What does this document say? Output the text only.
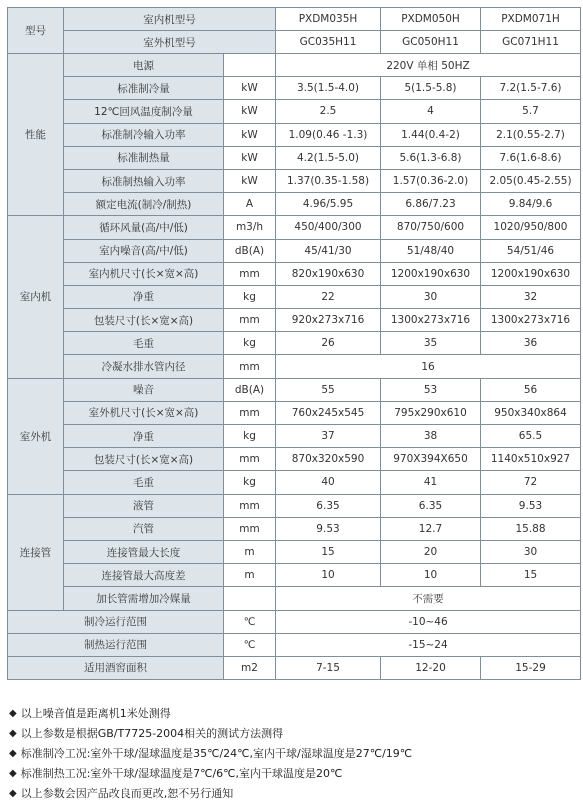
型号	室内机型号		PXDM035H	PXDM050H	PXDM071H
	室外机型号		GC035H11	GC050H11	GC071H11
性能	电源		220V 单相 50HZ		
	标准制冷量	kW	3.5(1.5-4.0)	5(1.5-5.8)	7.2(1.5-7.6)
	12℃回风温度制冷量	kW	2.5	4	5.7
	标准制冷输入功率	kW	1.09(0.46 -1.3)	1.44(0.4-2)	2.1(0.55-2.7)
	标准制热量	kW	4.2(1.5-5.0)	5.6(1.3-6.8)	7.6(1.6-8.6)
	标准制热输入功率	kW	1.37(0.35-1.58)	1.57(0.36-2.0)	2.05(0.45-2.55)
	额定电流(制冷/制热)	A	4.96/5.95	6.86/7.23	9.84/9.6
室内机	循环风量(高/中/低)	m3/h	450/400/300	870/750/600	1020/950/800
	室内噪音(高/中/低)	dB(A)	45/41/30	51/48/40	54/51/46
	室内机尺寸(长×宽×高)	mm	820x190x630	1200x190x630	1200x190x630
	净重	kg	22	30	32
	包装尺寸(长×宽×高)	mm	920x273x716	1300x273x716	1300x273x716
	毛重	kg	26	35	36
	冷凝水排水管内径	mm	16		
室外机	噪音	dB(A)	55	53	56
	室外机尺寸(长×宽×高)	mm	760x245x545	795x290x610	950x340x864
	净重	kg	37	38	65.5
	包装尺寸(长×宽×高)	mm	870x320x590	970X394X650	1140x510x927
	毛重	kg	40	41	72
连接管	液管	mm	6.35	6.35	9.53
	汽管	mm	9.53	12.7	15.88
	连接管最大长度	m	15	20	30
	连接管最大高度差	m	10	10	15
	加长管需增加冷媒量		不需要		
制冷运行范围		℃	-10~46		
制热运行范围		℃	-15~24		
适用酒窖面积		m2	7-15	12-20	15-29
◆ 以上噪音值是距离机1米处测得
◆ 以上参数是根据GB/T7725-2004相关的测试方法测得
◆ 标准制冷工况:室外干球/湿球温度是35℃/24℃,室内干球/湿球温度是27℃/19℃
◆ 标准制热工况:室外干球/湿球温度是7℃/6℃,室内干球温度是20℃
◆ 以上参数会因产品改良而更改,恕不另行通知
